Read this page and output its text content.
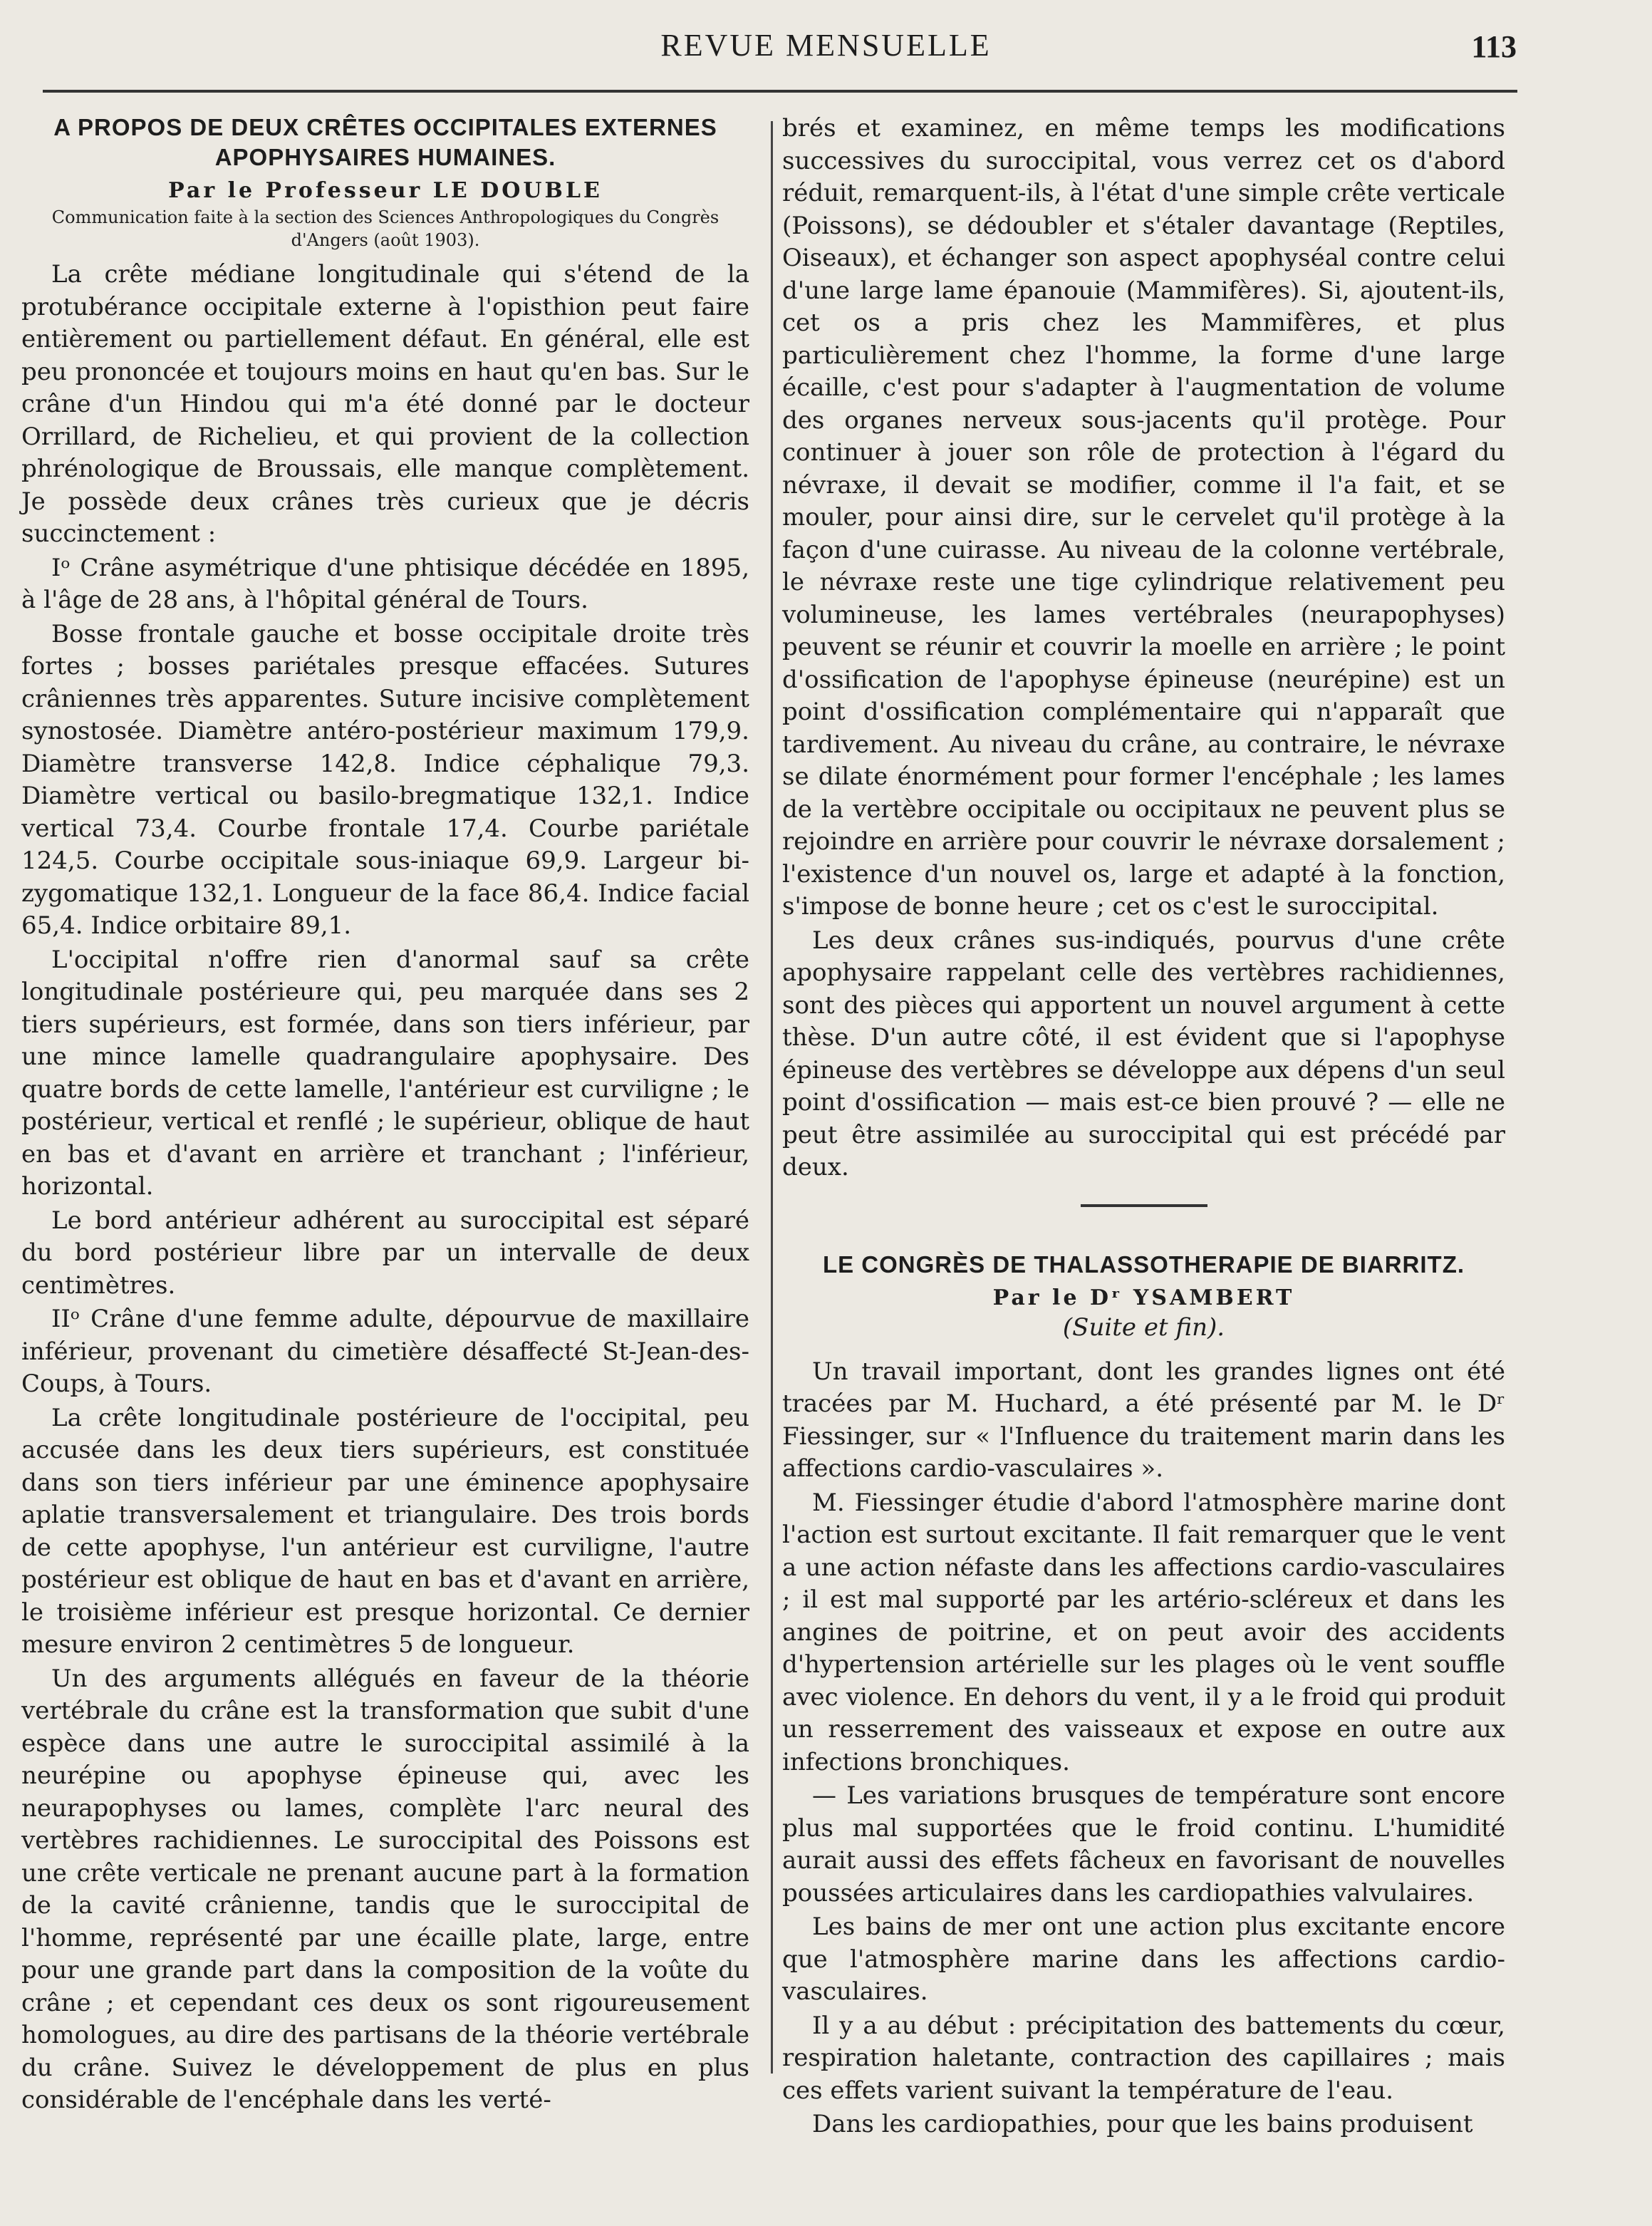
REVUE MENSUELLE	113
A PROPOS DE DEUX CRÊTES OCCIPITALES EXTERNES APOPHYSAIRES HUMAINES.
Par le Professeur LE DOUBLE
Communication faite à la section des Sciences Anthropologiques du Congrès d'Angers (août 1903).

La crête médiane longitudinale qui s'étend de la protubérance occipitale externe à l'opisthion peut faire entièrement ou partiellement défaut. En général, elle est peu prononcée et toujours moins en haut qu'en bas. Sur le crâne d'un Hindou qui m'a été donné par le docteur Orrillard, de Richelieu, et qui provient de la collection phrénologique de Broussais, elle manque complètement. Je possède deux crânes très curieux que je décris succinctement :

Iᵒ Crâne asymétrique d'une phtisique décédée en 1895, à l'âge de 28 ans, à l'hôpital général de Tours.

Bosse frontale gauche et bosse occipitale droite très fortes ; bosses pariétales presque effacées. Sutures crâniennes très apparentes. Suture incisive complètement synostosée. Diamètre antéro-postérieur maximum 179,9. Diamètre transverse 142,8. Indice céphalique 79,3. Diamètre vertical ou basilo-bregmatique 132,1. Indice vertical 73,4. Courbe frontale 17,4. Courbe pariétale 124,5. Courbe occipitale sous-iniaque 69,9. Largeur bi-zygomatique 132,1. Longueur de la face 86,4. Indice facial 65,4. Indice orbitaire 89,1.

L'occipital n'offre rien d'anormal sauf sa crête longitudinale postérieure qui, peu marquée dans ses 2 tiers supérieurs, est formée, dans son tiers inférieur, par une mince lamelle quadrangulaire apophysaire. Des quatre bords de cette lamelle, l'antérieur est curviligne ; le postérieur, vertical et renflé ; le supérieur, oblique de haut en bas et d'avant en arrière et tranchant ; l'inférieur, horizontal.

Le bord antérieur adhérent au suroccipital est séparé du bord postérieur libre par un intervalle de deux centimètres.

IIᵒ Crâne d'une femme adulte, dépourvue de maxillaire inférieur, provenant du cimetière désaffecté St-Jean-des-Coups, à Tours.

La crête longitudinale postérieure de l'occipital, peu accusée dans les deux tiers supérieurs, est constituée dans son tiers inférieur par une éminence apophysaire aplatie transversalement et triangulaire. Des trois bords de cette apophyse, l'un antérieur est curviligne, l'autre postérieur est oblique de haut en bas et d'avant en arrière, le troisième inférieur est presque horizontal. Ce dernier mesure environ 2 centimètres 5 de longueur.

Un des arguments allégués en faveur de la théorie vertébrale du crâne est la transformation que subit d'une espèce dans une autre le suroccipital assimilé à la neurépine ou apophyse épineuse qui, avec les neurapophyses ou lames, complète l'arc neural des vertèbres rachidiennes. Le suroccipital des Poissons est une crête verticale ne prenant aucune part à la formation de la cavité crânienne, tandis que le suroccipital de l'homme, représenté par une écaille plate, large, entre pour une grande part dans la composition de la voûte du crâne ; et cependant ces deux os sont rigoureusement homologues, au dire des partisans de la théorie vertébrale du crâne. Suivez le développement de plus en plus considérable de l'encéphale dans les verté-

brés et examinez, en même temps les modifications successives du suroccipital, vous verrez cet os d'abord réduit, remarquent-ils, à l'état d'une simple crête verticale (Poissons), se dédoubler et s'étaler davantage (Reptiles, Oiseaux), et échanger son aspect apophyséal contre celui d'une large lame épanouie (Mammifères). Si, ajoutent-ils, cet os a pris chez les Mammifères, et plus particulièrement chez l'homme, la forme d'une large écaille, c'est pour s'adapter à l'augmentation de volume des organes nerveux sous-jacents qu'il protège. Pour continuer à jouer son rôle de protection à l'égard du névraxe, il devait se modifier, comme il l'a fait, et se mouler, pour ainsi dire, sur le cervelet qu'il protège à la façon d'une cuirasse. Au niveau de la colonne vertébrale, le névraxe reste une tige cylindrique relativement peu volumineuse, les lames vertébrales (neurapophyses) peuvent se réunir et couvrir la moelle en arrière ; le point d'ossification de l'apophyse épineuse (neurépine) est un point d'ossification complémentaire qui n'apparaît que tardivement. Au niveau du crâne, au contraire, le névraxe se dilate énormément pour former l'encéphale ; les lames de la vertèbre occipitale ou occipitaux ne peuvent plus se rejoindre en arrière pour couvrir le névraxe dorsalement ; l'existence d'un nouvel os, large et adapté à la fonction, s'impose de bonne heure ; cet os c'est le suroccipital.

Les deux crânes sus-indiqués, pourvus d'une crête apophysaire rappelant celle des vertèbres rachidiennes, sont des pièces qui apportent un nouvel argument à cette thèse. D'un autre côté, il est évident que si l'apophyse épineuse des vertèbres se développe aux dépens d'un seul point d'ossification — mais est-ce bien prouvé ? — elle ne peut être assimilée au suroccipital qui est précédé par deux.

LE CONGRÈS DE THALASSOTHERAPIE DE BIARRITZ.
Par le Dʳ YSAMBERT
(Suite et fin).

Un travail important, dont les grandes lignes ont été tracées par M. Huchard, a été présenté par M. le Dʳ Fiessinger, sur « l'Influence du traitement marin dans les affections cardio-vasculaires ».

M. Fiessinger étudie d'abord l'atmosphère marine dont l'action est surtout excitante. Il fait remarquer que le vent a une action néfaste dans les affections cardio-vasculaires ; il est mal supporté par les artério-scléreux et dans les angines de poitrine, et on peut avoir des accidents d'hypertension artérielle sur les plages où le vent souffle avec violence. En dehors du vent, il y a le froid qui produit un resserrement des vaisseaux et expose en outre aux infections bronchiques.

— Les variations brusques de température sont encore plus mal supportées que le froid continu. L'humidité aurait aussi des effets fâcheux en favorisant de nouvelles poussées articulaires dans les cardiopathies valvulaires.

Les bains de mer ont une action plus excitante encore que l'atmosphère marine dans les affections cardio-vasculaires.

Il y a au début : précipitation des battements du cœur, respiration haletante, contraction des capillaires ; mais ces effets varient suivant la température de l'eau.

Dans les cardiopathies, pour que les bains produisent
